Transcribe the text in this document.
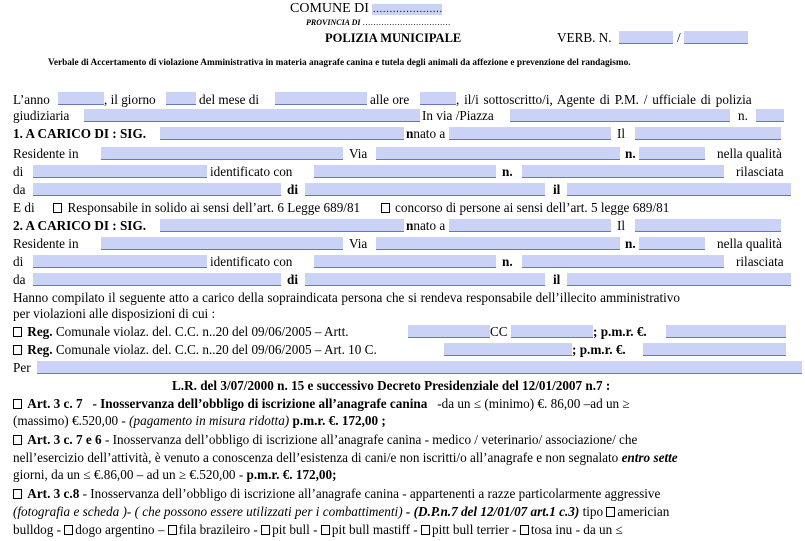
COMUNE DI …………………
PROVINCIA DI ……………………………
POLIZIA MUNICIPALE	VERB. N.	/
Verbale di Accertamento di violazione Amministrativa in materia anagrafe canina e tutela degli animali da affezione e prevenzione del randagismo.
L’anno	, il giorno	del mese di	alle ore	, il/i sottoscritto/i, Agente di P.M. / ufficiale di polizia
giudiziaria	In via /Piazza	n.
1. A CARICO DI : SIG.	nnato a	Il
Residente in	Via	n.	nella qualità
di	identificato con	n.	rilasciata
da	di	il
E di Responsabile in solido ai sensi dell’art. 6 Legge 689/81	concorso di persone ai sensi dell’art. 5 legge 689/81
2. A CARICO DI : SIG.	nnato a	Il
Residente in	Via	n.	nella qualità
di	identificato con	n.	rilasciata
da	di	il
Hanno compilato il seguente atto a carico della sopraindicata persona che si rendeva responsabile dell’illecito amministrativo
per violazioni alle disposizioni di cui :
Reg. Comunale violaz. del. C.C. n..20 del 09/06/2005 – Artt.	CC	; p.m.r. €.
Reg. Comunale violaz. del. C.C. n..20 del 09/06/2005 – Art. 10 C.	; p.m.r. €.
Per
L.R. del 3/07/2000 n. 15 e successivo Decreto Presidenziale del 12/01/2007 n.7 :
Art. 3 c. 7 - Inosservanza dell’obbligo di iscrizione all’anagrafe canina -da un ≤ (minimo) €. 86,00 –ad un ≥
(massimo) €.520,00 - (pagamento in misura ridotta) p.m.r. €. 172,00 ;
Art. 3 c. 7 e 6 - Inosservanza dell’obbligo di iscrizione all’anagrafe canina - medico / veterinario/ associazione/ che
nell’esercizio dell’attività, è venuto a conoscenza dell’esistenza di cani/e non iscritti/o all’anagrafe e non segnalato entro sette
giorni, da un ≤ €.86,00 – ad un ≥ €.520,00 - p.m.r. €. 172,00;
Art. 3 c.8 - Inosservanza dell’obbligo di iscrizione all’anagrafe canina - appartenenti a razze particolarmente aggressive
(fotografia e scheda )- ( che possono essere utilizzati per i combattimenti) - (D.P.n.7 del 12/01/07 art.1 c.3) tipo americian
bulldog - dogo argentino – fila brazileiro - pit bull - pit bull mastiff - pitt bull terrier - tosa inu - da un ≤
